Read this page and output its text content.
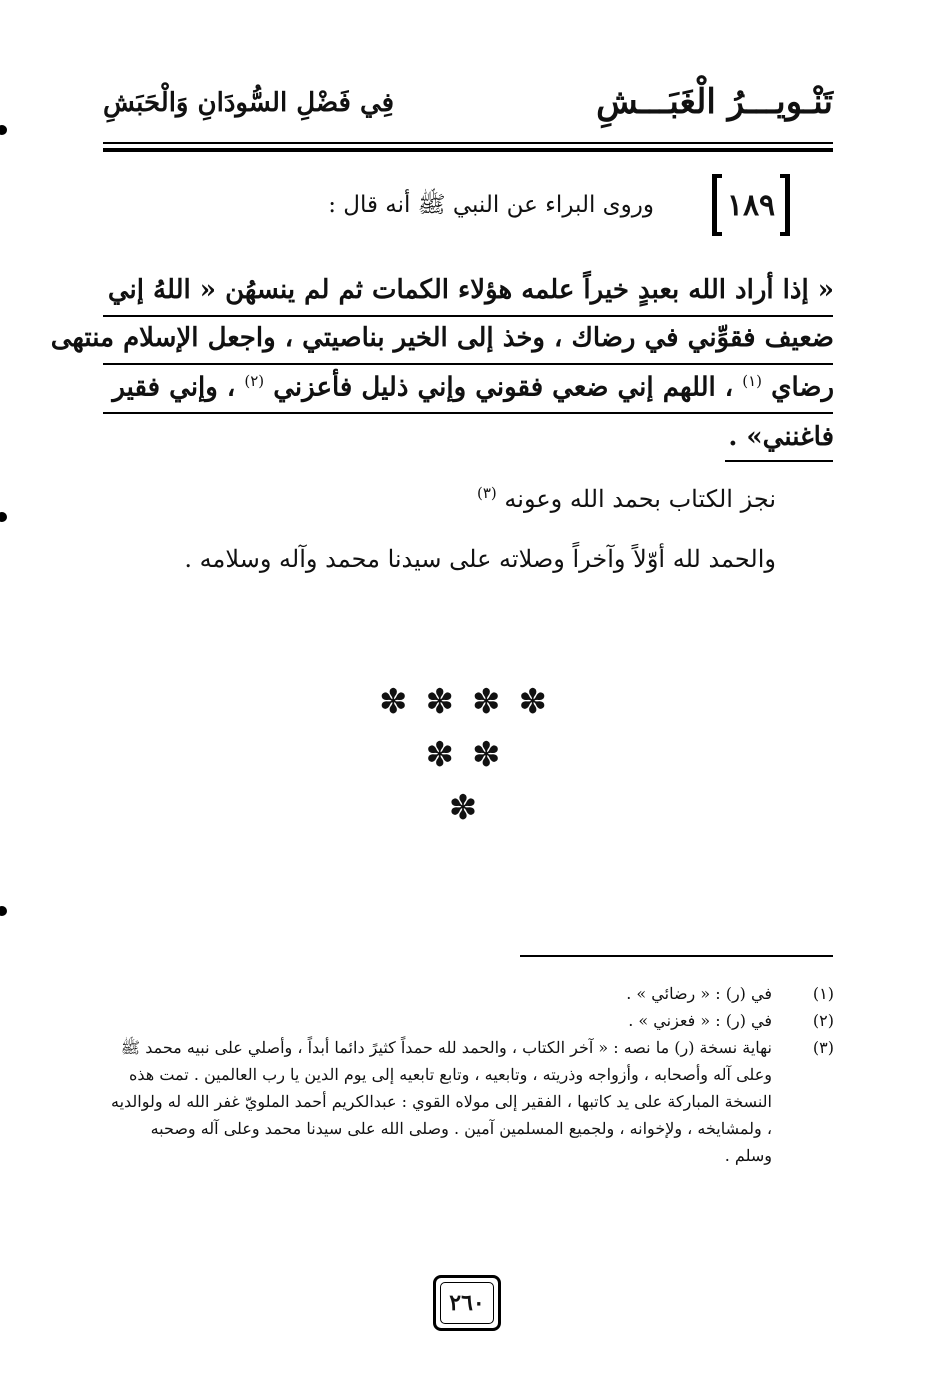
تَنْـويـــرُ الْغَبَـــشِ
فِي فَضْلِ السُّودَانِ وَالْحَبَشِ
١٨٩
وروى البراء عن النبي ﷺ أنه قال :
« إذا أراد الله بعبدٍ خيراً علمه هؤلاء الكمات ثم لم ينسهُن « اللهُ إني
ضعيف فقوِّني في رضاك ، وخذ إلى الخير بناصيتي ، واجعل الإسلام منتهى
رضاي $^{(١)}$ ، اللهم إني ضعي فقوني وإني ذليل فأعزني $^{(٢)}$ ، وإني فقير
فاغنني» .
نجز الكتاب بحمد الله وعونه $^{(٣)}$
والحمد لله أوّلاً وآخراً وصلاته على سيدنا محمد وآله وسلامه .
✽✽✽✽
✽✽
✽
(١)
في (ر) : « رضائي » .
(٢)
في (ر) : « فعزني » .
(٣)
نهاية نسخة (ر) ما نصه : « آخر الكتاب ، والحمد لله حمداً كثيرً دائما أبداً ، وأصلي على نبيه محمد ﷺ وعلى آله وأصحابه ، وأزواجه وذريته ، وتابعيه ، وتابع تابعيه إلى يوم الدين يا رب العالمين . تمت هذه النسخة المباركة على يد كاتبها ، الفقير إلى مولاه القوي : عبدالكريم أحمد الملويّ غفر الله له ولوالديه ، ولمشايخه ، ولإخوانه ، ولجميع المسلمين آمين . وصلى الله على سيدنا محمد وعلى آله وصحبه وسلم .
٢٦٠
